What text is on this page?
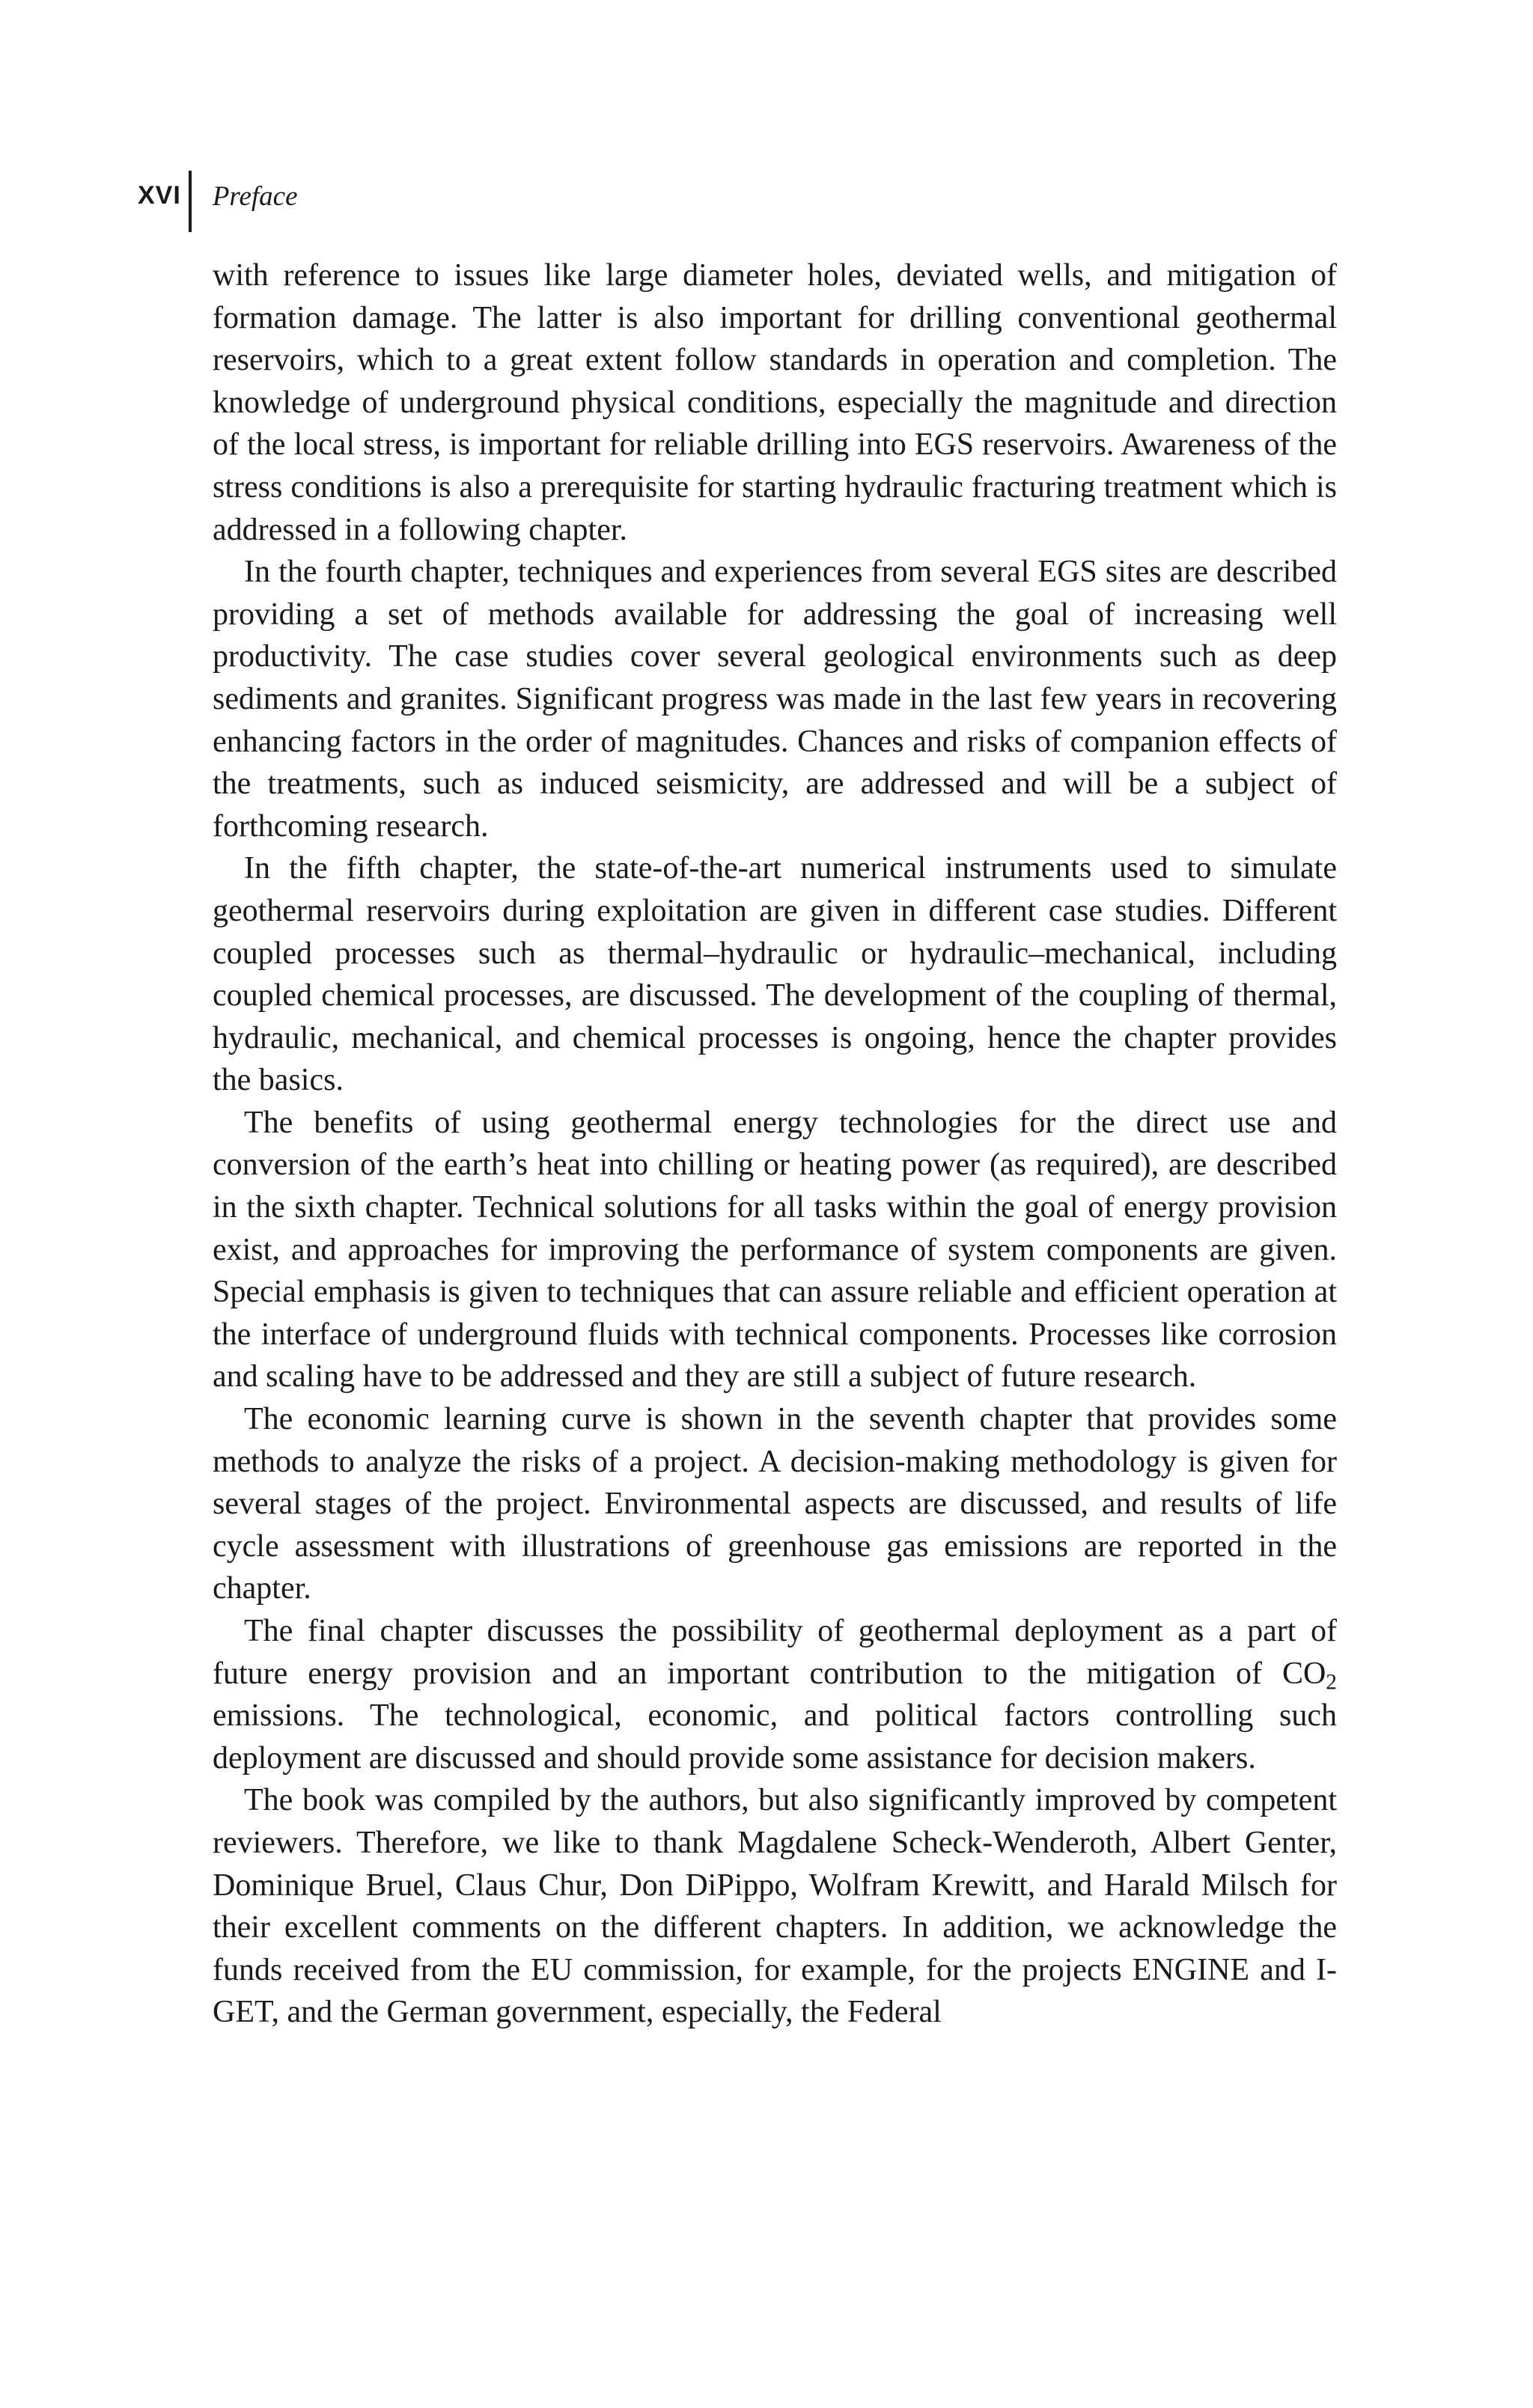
XVI Preface

with reference to issues like large diameter holes, deviated wells, and mitigation of formation damage. The latter is also important for drilling conventional geothermal reservoirs, which to a great extent follow standards in operation and completion. The knowledge of underground physical conditions, especially the magnitude and direction of the local stress, is important for reliable drilling into EGS reservoirs. Awareness of the stress conditions is also a prerequisite for starting hydraulic fracturing treatment which is addressed in a following chapter.

In the fourth chapter, techniques and experiences from several EGS sites are described providing a set of methods available for addressing the goal of increasing well productivity. The case studies cover several geological environments such as deep sediments and granites. Significant progress was made in the last few years in recovering enhancing factors in the order of magnitudes. Chances and risks of companion effects of the treatments, such as induced seismicity, are addressed and will be a subject of forthcoming research.

In the fifth chapter, the state-of-the-art numerical instruments used to simulate geothermal reservoirs during exploitation are given in different case studies. Different coupled processes such as thermal–hydraulic or hydraulic–mechanical, including coupled chemical processes, are discussed. The development of the coupling of thermal, hydraulic, mechanical, and chemical processes is ongoing, hence the chapter provides the basics.

The benefits of using geothermal energy technologies for the direct use and conversion of the earth’s heat into chilling or heating power (as required), are described in the sixth chapter. Technical solutions for all tasks within the goal of energy provision exist, and approaches for improving the performance of system components are given. Special emphasis is given to techniques that can assure reliable and efficient operation at the interface of underground fluids with technical components. Processes like corrosion and scaling have to be addressed and they are still a subject of future research.

The economic learning curve is shown in the seventh chapter that provides some methods to analyze the risks of a project. A decision-making methodology is given for several stages of the project. Environmental aspects are discussed, and results of life cycle assessment with illustrations of greenhouse gas emissions are reported in the chapter.

The final chapter discusses the possibility of geothermal deployment as a part of future energy provision and an important contribution to the mitigation of $CO_2$ emissions. The technological, economic, and political factors controlling such deployment are discussed and should provide some assistance for decision makers.

The book was compiled by the authors, but also significantly improved by competent reviewers. Therefore, we like to thank Magdalene Scheck-Wenderoth, Albert Genter, Dominique Bruel, Claus Chur, Don DiPippo, Wolfram Krewitt, and Harald Milsch for their excellent comments on the different chapters. In addition, we acknowledge the funds received from the EU commission, for example, for the projects ENGINE and I-GET, and the German government, especially, the Federal
